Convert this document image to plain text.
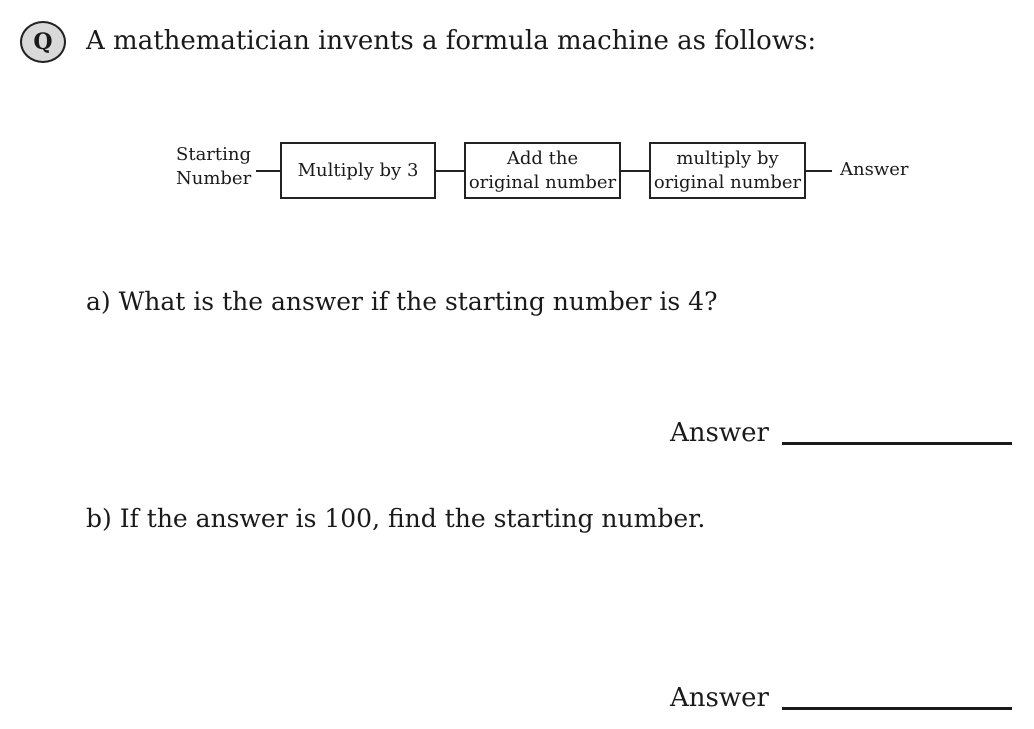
Q	A mathematician invents a formula machine as follows:
Starting
Number	Multiply by 3
Add the
original number
multiply by
original number
Answer
a) What is the answer if the starting number is 4?
Answer
b) If the answer is 100, find the starting number.
Answer
